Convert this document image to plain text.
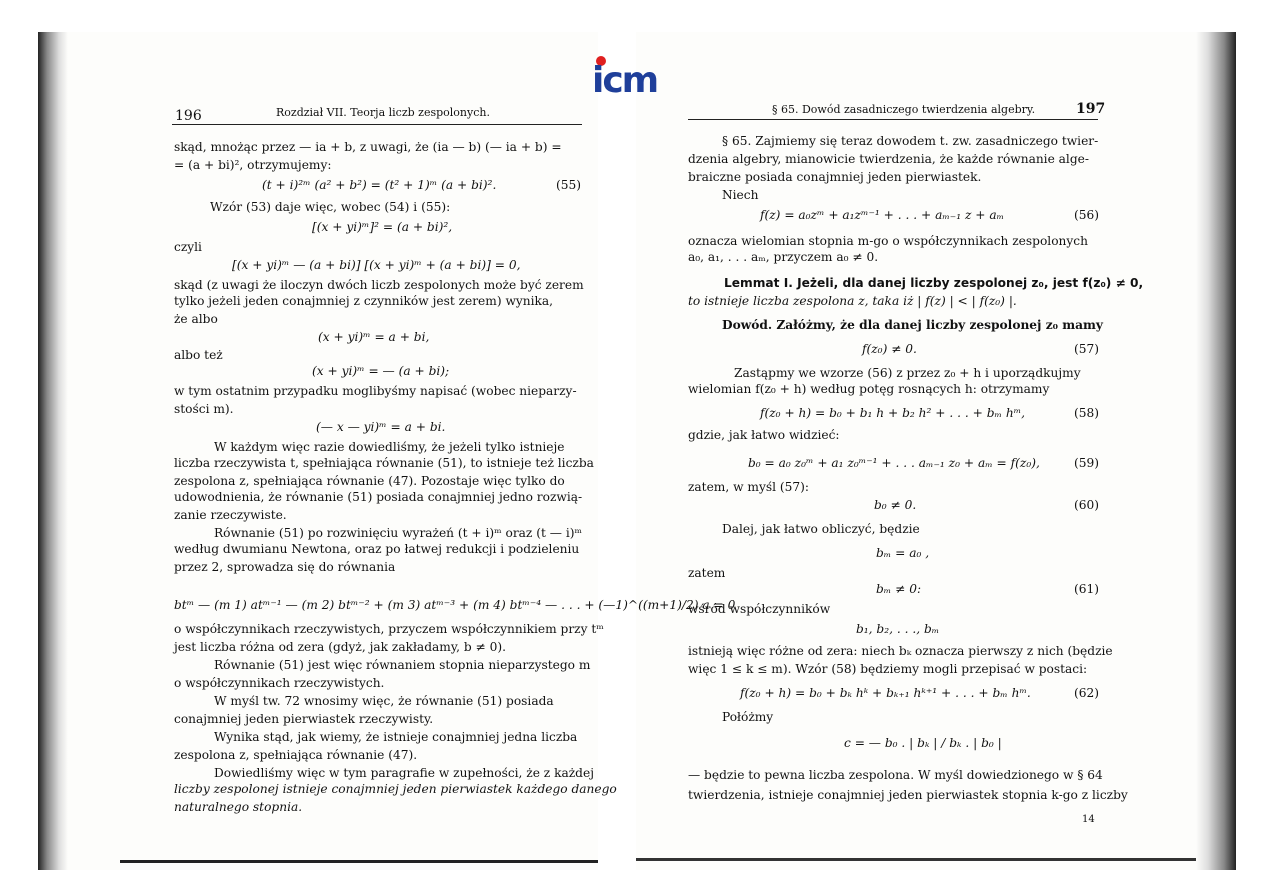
icm
196	Rozdział VII. Teorja liczb zespolonych.
skąd, mnożąc przez — ia + b, z uwagi, że (ia — b) (— ia + b) =
= (a + bi)², otrzymujemy:
(t + i)²ᵐ (a² + b²) = (t² + 1)ᵐ (a + bi)².
Wzór (53) daje więc, wobec (54) i (55):
[(x + yi)ᵐ]² = (a + bi)²,
czyli
[(x + yi)ᵐ — (a + bi)] [(x + yi)ᵐ + (a + bi)] = 0,
skąd (z uwagi że iloczyn dwóch liczb zespolonych może być zerem
tylko jeżeli jeden conajmniej z czynników jest zerem) wynika,
że albo
(x + yi)ᵐ = a + bi,
albo też
(x + yi)ᵐ = — (a + bi);
w tym ostatnim przypadku moglibyśmy napisać (wobec nieparzy-
stości m).
(— x — yi)ᵐ = a + bi.
W każdym więc razie dowiedliśmy, że jeżeli tylko istnieje
liczba rzeczywista t, spełniająca równanie (51), to istnieje też liczba
zespolona z, spełniająca równanie (47). Pozostaje więc tylko do
udowodnienia, że równanie (51) posiada conajmniej jedno rozwią-
zanie rzeczywiste.
Równanie (51) po rozwinięciu wyrażeń (t + i)ᵐ oraz (t — i)ᵐ
według dwumianu Newtona, oraz po łatwej redukcji i podzieleniu
przez 2, sprowadza się do równania
btᵐ — (m 1) atᵐ⁻¹ — (m 2) btᵐ⁻² + (m 3) atᵐ⁻³ + (m 4) btᵐ⁻⁴ — . . . + (—1)^((m+1)/2) a = 0
o współczynnikach rzeczywistych, przyczem współczynnikiem przy tᵐ
jest liczba różna od zera (gdyż, jak zakładamy, b ≠ 0).
Równanie (51) jest więc równaniem stopnia nieparzystego m
o współczynnikach rzeczywistych.
W myśl tw. 72 wnosimy więc, że równanie (51) posiada
conajmniej jeden pierwiastek rzeczywisty.
Wynika stąd, jak wiemy, że istnieje conajmniej jedna liczba
zespolona z, spełniająca równanie (47).
Dowiedliśmy więc w tym paragrafie w zupełności, że z każdej
liczby zespolonej istnieje conajmniej jeden pierwiastek każdego danego
naturalnego stopnia.
(55)
§ 65. Dowód zasadniczego twierdzenia algebry.	197
§ 65. Zajmiemy się teraz dowodem t. zw. zasadniczego twier-
dzenia algebry, mianowicie twierdzenia, że każde równanie alge-
braiczne posiada conajmniej jeden pierwiastek.
Niech
f(z) = a₀zᵐ + a₁zᵐ⁻¹ + . . . + aₘ₋₁ z + aₘ
oznacza wielomian stopnia m-go o współczynnikach zespolonych
a₀, a₁, . . . aₘ, przyczem a₀ ≠ 0.
Lemmat I. Jeżeli, dla danej liczby zespolonej z₀, jest f(z₀) ≠ 0,
to istnieje liczba zespolona z, taka iż | f(z) | < | f(z₀) |.
Dowód. Załóżmy, że dla danej liczby zespolonej z₀ mamy
f(z₀) ≠ 0.
Zastąpmy we wzorze (56) z przez z₀ + h i uporządkujmy
wielomian f(z₀ + h) według potęg rosnących h: otrzymamy
f(z₀ + h) = b₀ + b₁ h + b₂ h² + . . . + bₘ hᵐ,
gdzie, jak łatwo widzieć:
b₀ = a₀ z₀ᵐ + a₁ z₀ᵐ⁻¹ + . . . aₘ₋₁ z₀ + aₘ = f(z₀),
zatem, w myśl (57):
b₀ ≠ 0.
Dalej, jak łatwo obliczyć, będzie
bₘ = a₀ ,
zatem
bₘ ≠ 0:
wśród współczynników
b₁, b₂, . . ., bₘ
istnieją więc różne od zera: niech bₖ oznacza pierwszy z nich (będzie
więc 1 ≤ k ≤ m). Wzór (58) będziemy mogli przepisać w postaci:
f(z₀ + h) = b₀ + bₖ hᵏ + bₖ₊₁ hᵏ⁺¹ + . . . + bₘ hᵐ.
Połóżmy
c = — b₀ . | bₖ | / bₖ . | b₀ |
— będzie to pewna liczba zespolona. W myśl dowiedzionego w § 64
twierdzenia, istnieje conajmniej jeden pierwiastek stopnia k-go z liczby
(56)
(57)
(58)
(59)
(60)
(61)
(62)
14
